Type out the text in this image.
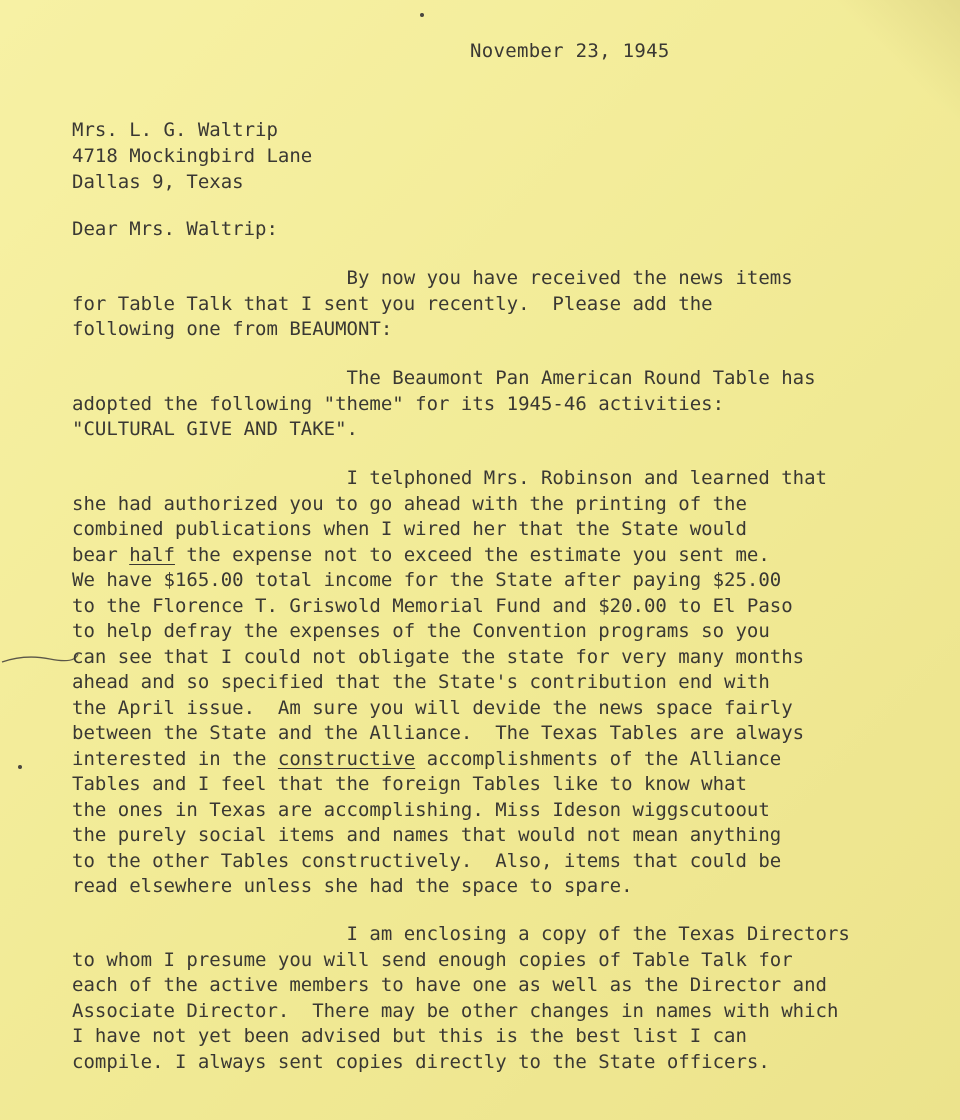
November 23, 1945
Mrs. L. G. Waltrip
4718 Mockingbird Lane
Dallas 9, Texas
Dear Mrs. Waltrip:
By now you have received the news items
for Table Talk that I sent you recently.  Please add the
following one from BEAUMONT:
The Beaumont Pan American Round Table has
adopted the following "theme" for its 1945-46 activities:
"CULTURAL GIVE AND TAKE".
I telphoned Mrs. Robinson and learned that
she had authorized you to go ahead with the printing of the
combined publications when I wired her that the State would
bear half the expense not to exceed the estimate you sent me.
We have $165.00 total income for the State after paying $25.00
to the Florence T. Griswold Memorial Fund and $20.00 to El Paso
to help defray the expenses of the Convention programs so you
can see that I could not obligate the state for very many months
ahead and so specified that the State's contribution end with
the April issue.  Am sure you will devide the news space fairly
between the State and the Alliance.  The Texas Tables are always
interested in the constructive accomplishments of the Alliance
Tables and I feel that the foreign Tables like to know what
the ones in Texas are accomplishing. Miss Ideson wiggscutoout
the purely social items and names that would not mean anything
to the other Tables constructively.  Also, items that could be
read elsewhere unless she had the space to spare.
I am enclosing a copy of the Texas Directors
to whom I presume you will send enough copies of Table Talk for
each of the active members to have one as well as the Director and
Associate Director.  There may be other changes in names with which
I have not yet been advised but this is the best list I can
compile. I always sent copies directly to the State officers.
